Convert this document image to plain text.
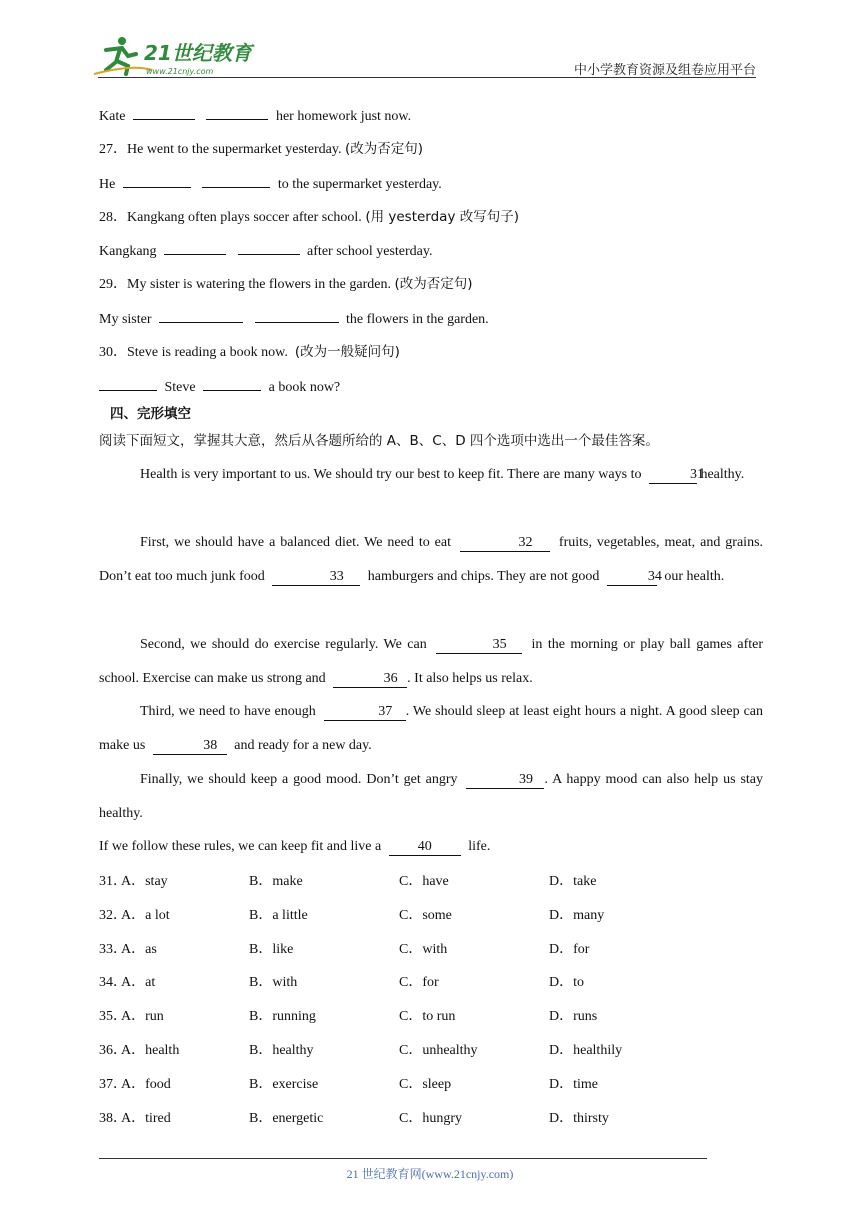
21世纪教育
www.21cnjy.com	中小学教育资源及组卷应用平台
Kate	her homework just now.
27．He went to the supermarket yesterday. (改为否定句)
He	to the supermarket yesterday.
28．Kangkang often plays soccer after school. (用 yesterday 改写句子)
Kangkang	after school yesterday.
29．My sister is watering the flowers in the garden. (改为否定句)
My sister	the flowers in the garden.
30．Steve is reading a book now. (改为一般疑问句)
Steve	a book now?
四、完形填空
阅读下面短文，掌握其大意，然后从各题所给的 A、B、C、D 四个选项中选出一个最佳答案。
Health is very important to us. We should try our best to keep fit. There are many ways to	31 healthy.
First, we should have a balanced diet. We need to eat	32 fruits, vegetables, meat, and grains. Don’t eat too much junk food	33 hamburgers and chips. They are not good	34 our health.
Second, we should do exercise regularly. We can	35 in the morning or play ball games after school. Exercise can make us strong and	36 . It also helps us relax.
Third, we need to have enough	37 . We should sleep at least eight hours a night. A good sleep can make us	38 and ready for a new day.
Finally, we should keep a good mood. Don’t get angry	39 . A happy mood can also help us stay healthy.
If we follow these rules, we can keep fit and live a	40	life.
31．
A．stay	B．make	C．have	D．take
32．
A．a lot	B．a little	C．some	D．many
33．
A．as	B．like	C．with	D．for
34．
A．at	B．with	C．for	D．to
35．
A．run	B．running	C．to run	D．runs
36．
A．health	B．healthy	C．unhealthy	D．healthily
37．
A．food	B．exercise	C．sleep	D．time
38．
A．tired	B．energetic	C．hungry	D．thirsty
21 世纪教育网(www.21cnjy.com)
